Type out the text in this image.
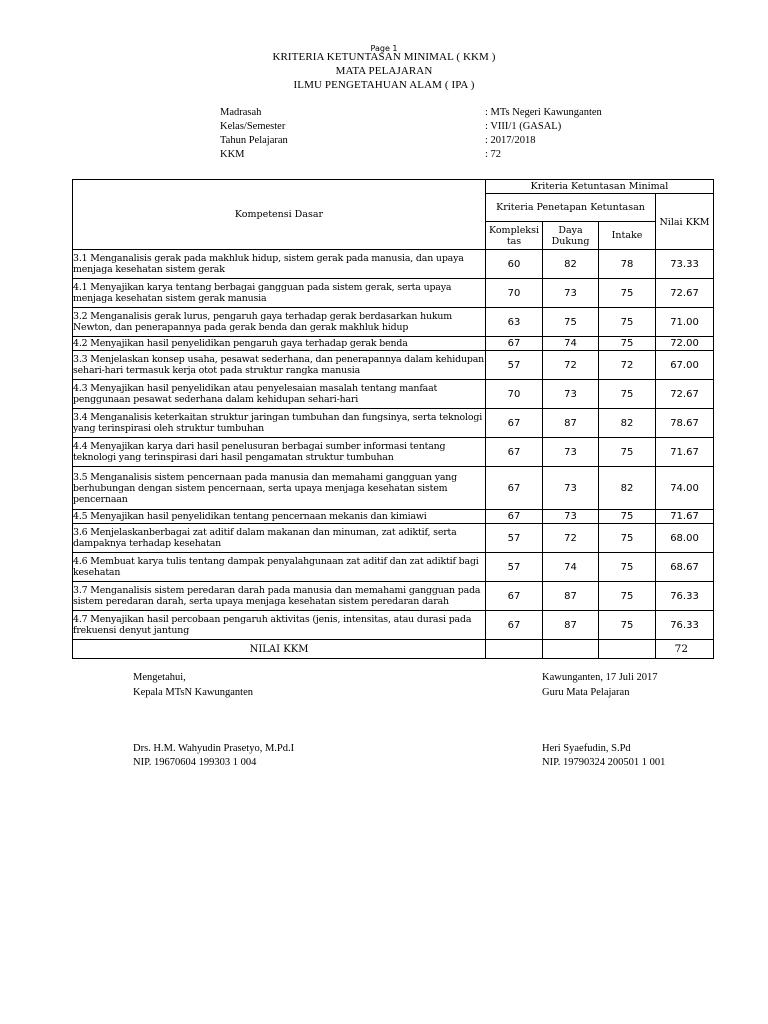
Page 1
KRITERIA KETUNTASAN MINIMAL ( KKM )
MATA PELAJARAN
ILMU PENGETAHUAN ALAM ( IPA )
Madrasah	: MTs Negeri Kawunganten
Kelas/Semester	: VIII/1 (GASAL)
Tahun Pelajaran	: 2017/2018
KKM	: 72
Kompetensi Dasar	Kriteria Ketuntasan Minimal			
	Kriteria Penetapan Ketuntasan			Nilai KKM
	Kompleksi tas	Daya Dukung	Intake	
3.1 Menganalisis gerak pada makhluk hidup, sistem gerak pada manusia, dan upaya menjaga kesehatan sistem gerak	60	82	78	73.33
4.1 Menyajikan karya tentang berbagai gangguan pada sistem gerak, serta upaya menjaga kesehatan sistem gerak manusia	70	73	75	72.67
3.2 Menganalisis gerak lurus, pengaruh gaya terhadap gerak berdasarkan hukum Newton, dan penerapannya pada gerak benda dan gerak makhluk hidup	63	75	75	71.00
4.2 Menyajikan hasil penyelidikan pengaruh gaya terhadap gerak benda	67	74	75	72.00
3.3 Menjelaskan konsep usaha, pesawat sederhana, dan penerapannya dalam kehidupan sehari-hari termasuk kerja otot pada struktur rangka manusia	57	72	72	67.00
4.3 Menyajikan hasil penyelidikan atau penyelesaian masalah tentang manfaat penggunaan pesawat sederhana dalam kehidupan sehari-hari	70	73	75	72.67
3.4 Menganalisis keterkaitan struktur jaringan tumbuhan dan fungsinya, serta teknologi yang terinspirasi oleh struktur tumbuhan	67	87	82	78.67
4.4 Menyajikan karya dari hasil penelusuran berbagai sumber informasi tentang teknologi yang terinspirasi dari hasil pengamatan struktur tumbuhan	67	73	75	71.67
3.5 Menganalisis sistem pencernaan pada manusia dan memahami gangguan yang berhubungan dengan sistem pencernaan, serta upaya menjaga kesehatan sistem pencernaan	67	73	82	74.00
4.5 Menyajikan hasil penyelidikan tentang pencernaan mekanis dan kimiawi	67	73	75	71.67
3.6 Menjelaskanberbagai zat aditif dalam makanan dan minuman, zat adiktif, serta dampaknya terhadap kesehatan	57	72	75	68.00
4.6 Membuat karya tulis tentang dampak penyalahgunaan zat aditif dan zat adiktif bagi kesehatan	57	74	75	68.67
3.7 Menganalisis sistem peredaran darah pada manusia dan memahami gangguan pada sistem peredaran darah, serta upaya menjaga kesehatan sistem peredaran darah	67	87	75	76.33
4.7 Menyajikan hasil percobaan pengaruh aktivitas (jenis, intensitas, atau durasi pada frekuensi denyut jantung	67	87	75	76.33
NILAI KKM				72
Mengetahui,
Kepala MTsN Kawunganten
Drs. H.M. Wahyudin Prasetyo, M.Pd.I
NIP. 19670604 199303 1 004
Kawunganten, 17 Juli 2017
Guru Mata Pelajaran
Heri Syaefudin, S.Pd
NIP. 19790324 200501 1 001
